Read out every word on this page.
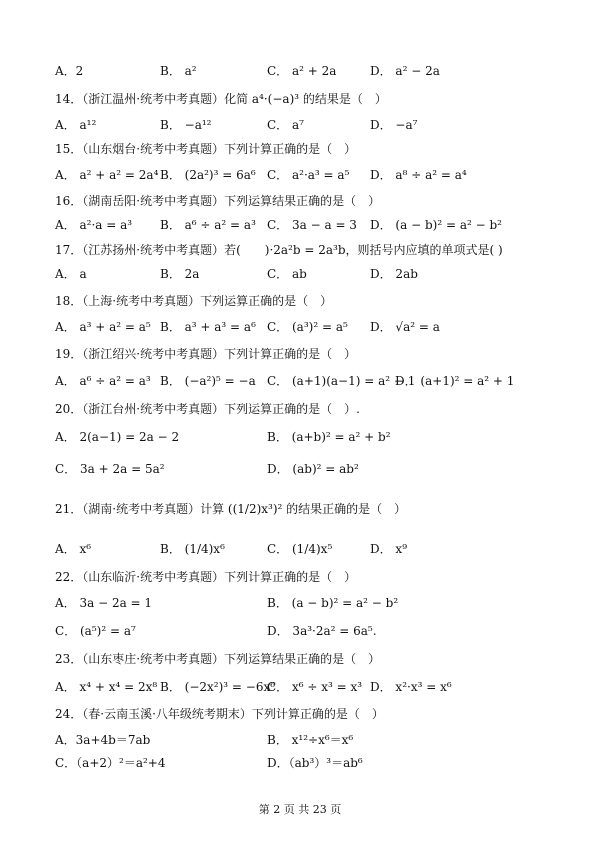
A．2	B． a²	C． a² + 2a	D． a² − 2a
14．（浙江温州·统考中考真题）化简 a⁴·(−a)³ 的结果是（　）
A． a¹²	B． −a¹²	C． a⁷	D． −a⁷
15．（山东烟台·统考中考真题）下列计算正确的是（　）
A． a² + a² = 2a⁴ B． (2a²)³ = 6a⁶ C． a²·a³ = a⁵ D． a⁸ ÷ a² = a⁴
16．（湖南岳阳·统考中考真题）下列运算结果正确的是（　）
A． a²·a = a³ B． a⁶ ÷ a² = a³ C． 3a − a = 3 D． (a − b)² = a² − b²
17．（江苏扬州·统考中考真题）若(　　)·2a²b = 2a³b，则括号内应填的单项式是( )
A． a	B． 2a	C． ab	D． 2ab
18．（上海·统考中考真题）下列运算正确的是（　）
A． a³ + a² = a⁵ B． a³ + a³ = a⁶ C． (a³)² = a⁵ D． √a² = a
19．（浙江绍兴·统考中考真题）下列计算正确的是（　）
A． a⁶ ÷ a² = a³ B． (−a²)⁵ = −a C． (a+1)(a−1) = a² − 1
D． (a+1)² = a² + 1
20．（浙江台州·统考中考真题）下列运算正确的是（　）.
A． 2(a−1) = 2a − 2	B． (a+b)² = a² + b²
C． 3a + 2a = 5a²	D． (ab)² = ab²
21．（湖南·统考中考真题）计算 ((1/2)x³)² 的结果正确的是（　）
A． x⁶	B． (1/4)x⁶	C． (1/4)x⁵	D． x⁹
22．（山东临沂·统考中考真题）下列计算正确的是（　）
A． 3a − 2a = 1	B． (a − b)² = a² − b²
C． (a⁵)² = a⁷	D． 3a³·2a² = 6a⁵.
23．（山东枣庄·统考中考真题）下列运算结果正确的是（　）
A． x⁴ + x⁴ = 2x⁸ B． (−2x²)³ = −6x⁶
C． x⁶ ÷ x³ = x³ D． x²·x³ = x⁶
24．（春·云南玉溪·八年级统考期末）下列计算正确的是（　）
A．3a+4b＝7ab	B． x¹²÷x⁶＝x⁶
C．（a+2）²＝a²+4	D．（ab³）³＝ab⁶
第 2 页 共 23 页
